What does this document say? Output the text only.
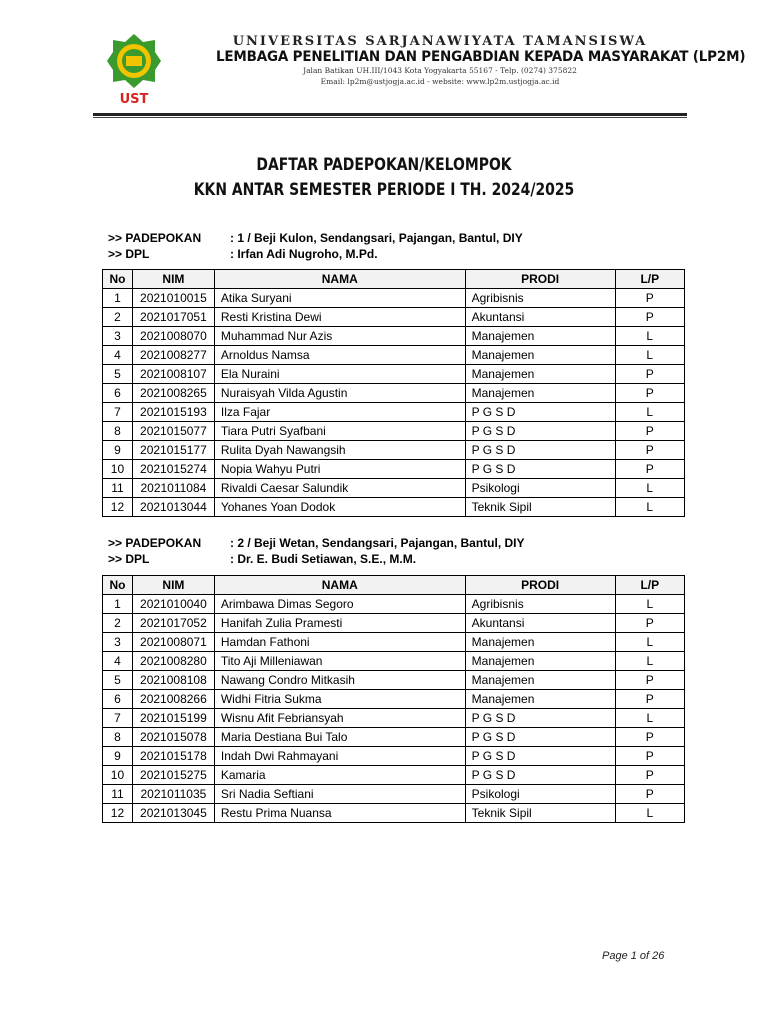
UST
UNIVERSITAS SARJANAWIYATA TAMANSISWA
LEMBAGA PENELITIAN DAN PENGABDIAN KEPADA MASYARAKAT (LP2M)
Jalan Batikan UH.III/1043 Kota Yogyakarta 55167 - Telp. (0274) 375822
Email: lp2m@ustjogja.ac.id - website: www.lp2m.ustjogja.ac.id
DAFTAR PADEPOKAN/KELOMPOK
KKN ANTAR SEMESTER PERIODE I TH. 2024/2025
>> PADEPOKAN : 1 / Beji Kulon, Sendangsari, Pajangan, Bantul, DIY
>> DPL	: Irfan Adi Nugroho, M.Pd.
No	NIM	NAMA	PRODI	L/P
1	2021010015	Atika Suryani	Agribisnis	P
2	2021017051	Resti Kristina Dewi	Akuntansi	P
3	2021008070	Muhammad Nur Azis	Manajemen	L
4	2021008277	Arnoldus Namsa	Manajemen	L
5	2021008107	Ela Nuraini	Manajemen	P
6	2021008265	Nuraisyah Vilda Agustin	Manajemen	P
7	2021015193	Ilza Fajar	P G S D	L
8	2021015077	Tiara Putri Syafbani	P G S D	P
9	2021015177	Rulita Dyah Nawangsih	P G S D	P
10	2021015274	Nopia Wahyu Putri	P G S D	P
11	2021011084	Rivaldi Caesar Salundik	Psikologi	L
12	2021013044	Yohanes Yoan Dodok	Teknik Sipil	L
>> PADEPOKAN : 2 / Beji Wetan, Sendangsari, Pajangan, Bantul, DIY
>> DPL	: Dr. E. Budi Setiawan, S.E., M.M.
No	NIM	NAMA	PRODI	L/P
1	2021010040	Arimbawa Dimas Segoro	Agribisnis	L
2	2021017052	Hanifah Zulia Pramesti	Akuntansi	P
3	2021008071	Hamdan Fathoni	Manajemen	L
4	2021008280	Tito Aji Milleniawan	Manajemen	L
5	2021008108	Nawang Condro Mitkasih	Manajemen	P
6	2021008266	Widhi Fitria Sukma	Manajemen	P
7	2021015199	Wisnu Afit Febriansyah	P G S D	L
8	2021015078	Maria Destiana Bui Talo	P G S D	P
9	2021015178	Indah Dwi Rahmayani	P G S D	P
10	2021015275	Kamaria	P G S D	P
11	2021011035	Sri Nadia Seftiani	Psikologi	P
12	2021013045	Restu Prima Nuansa	Teknik Sipil	L
Page 1 of 26
